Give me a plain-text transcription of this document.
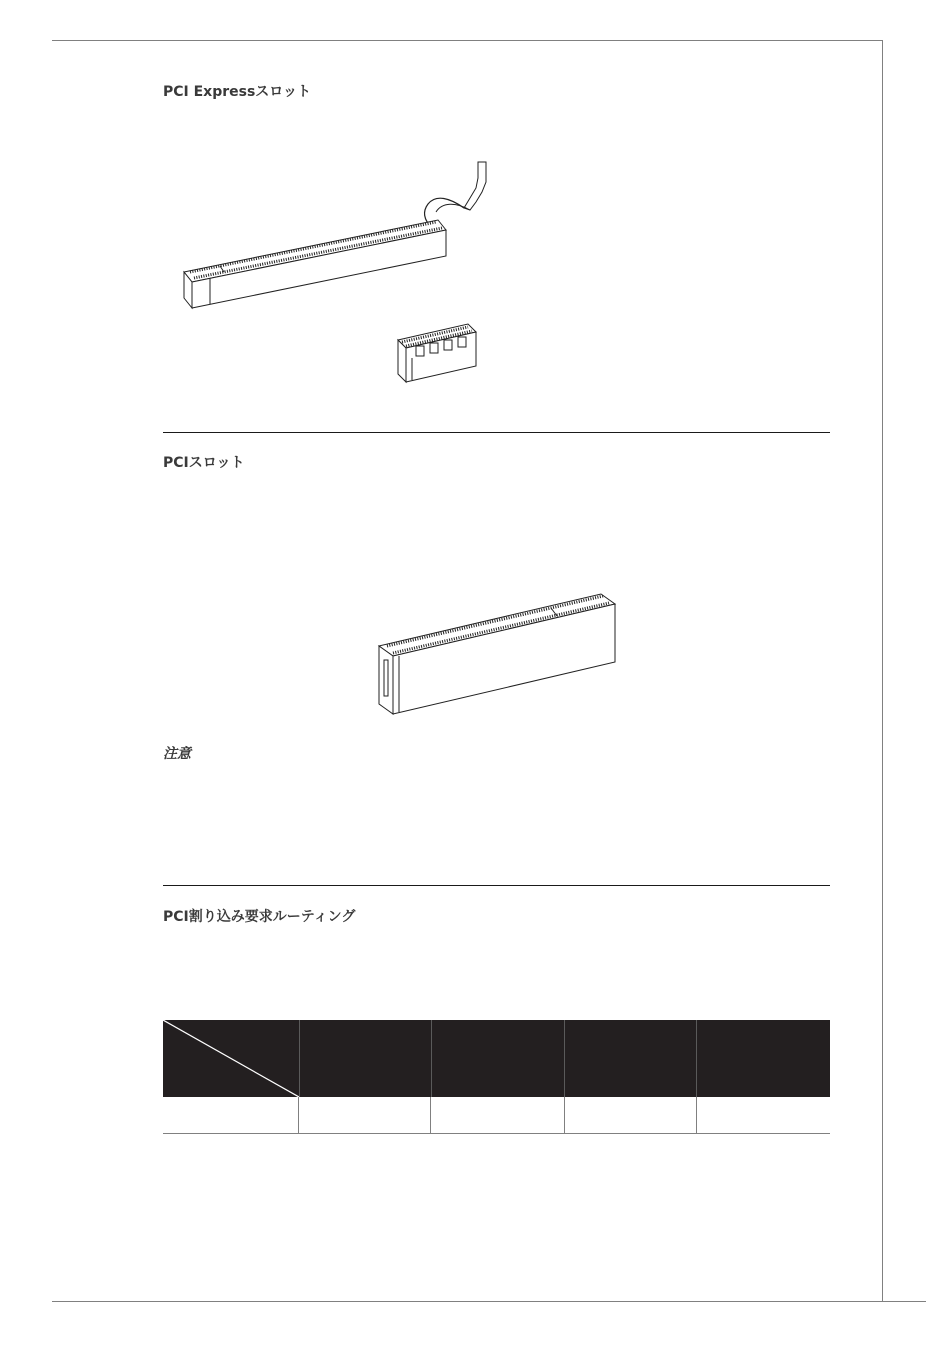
PCI Expressスロット
PCIスロット
注意
PCI割り込み要求ルーティング
